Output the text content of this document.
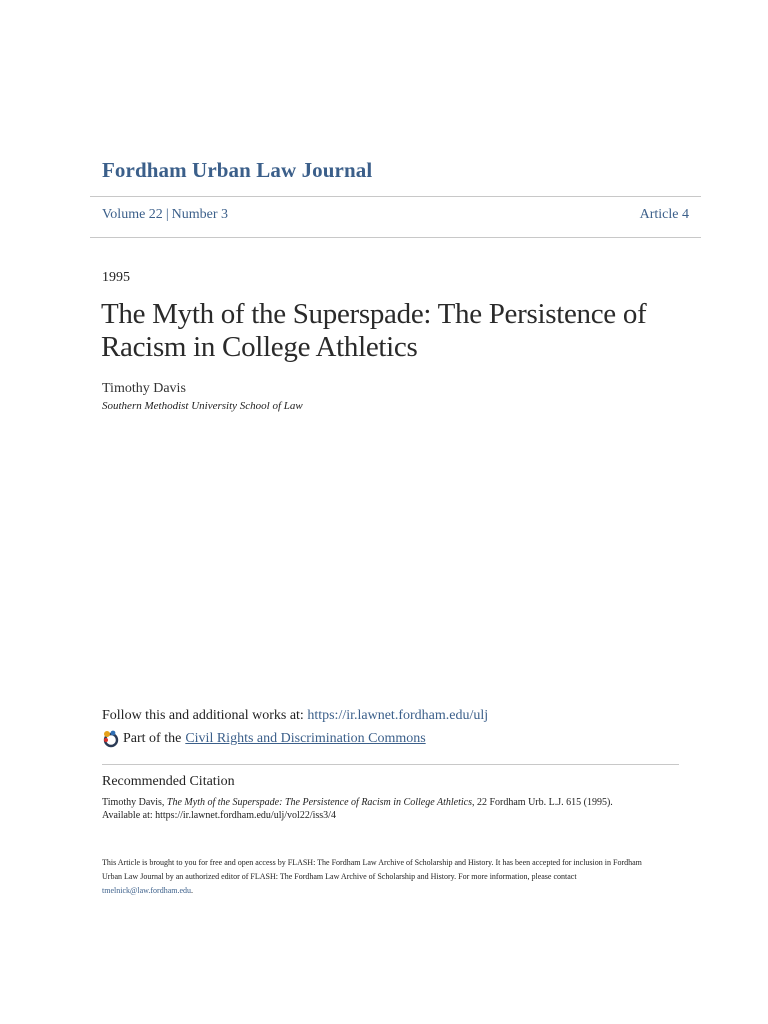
Fordham Urban Law Journal
Volume 22 | Number 3	Article 4
1995
The Myth of the Superspade: The Persistence of Racism in College Athletics
Timothy Davis
Southern Methodist University School of Law
Follow this and additional works at: https://ir.lawnet.fordham.edu/ulj
Part of the Civil Rights and Discrimination Commons
Recommended Citation
Timothy Davis, The Myth of the Superspade: The Persistence of Racism in College Athletics, 22 Fordham Urb. L.J. 615 (1995).
Available at: https://ir.lawnet.fordham.edu/ulj/vol22/iss3/4
This Article is brought to you for free and open access by FLASH: The Fordham Law Archive of Scholarship and History. It has been accepted for inclusion in Fordham Urban Law Journal by an authorized editor of FLASH: The Fordham Law Archive of Scholarship and History. For more information, please contact tmelnick@law.fordham.edu.
